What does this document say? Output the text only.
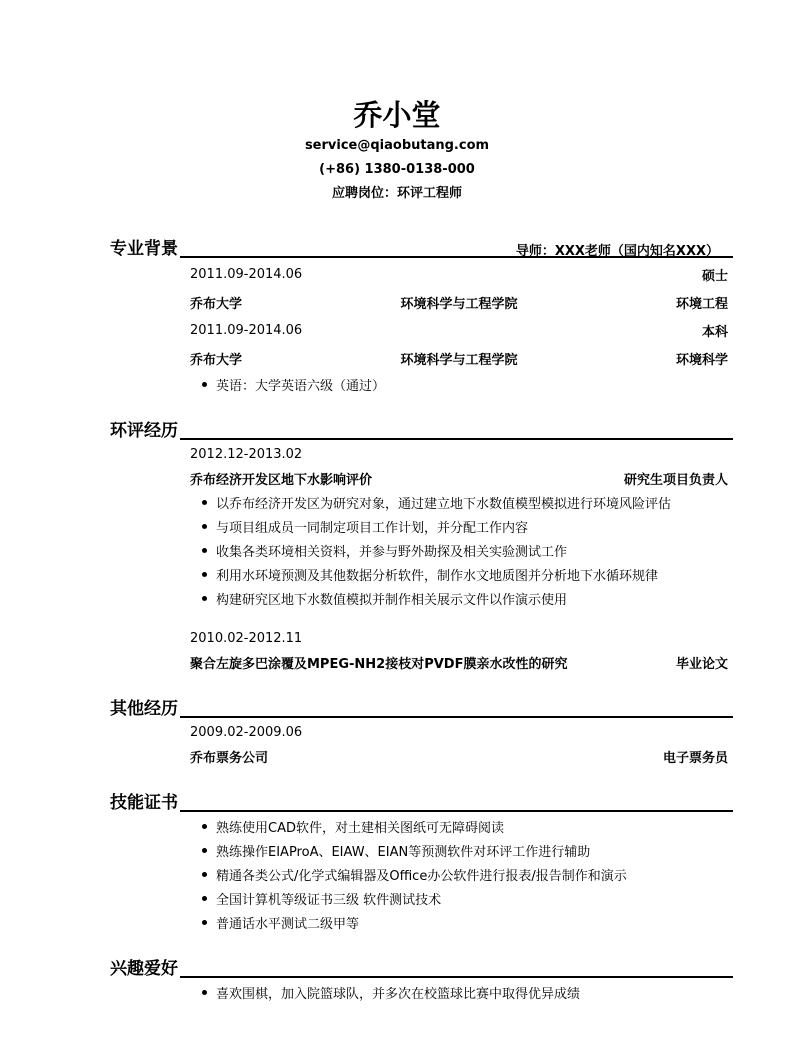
乔小堂
service@qiaobutang.com
(+86) 1380-0138-000
应聘岗位：环评工程师
专业背景	导师：XXX老师（国内知名XXX）
2011.09-2014.06	硕士
乔布大学	环境科学与工程学院	环境工程
2011.09-2014.06	本科
乔布大学	环境科学与工程学院	环境科学
英语：大学英语六级（通过）
环评经历
2012.12-2013.02
乔布经济开发区地下水影响评价	研究生项目负责人
以乔布经济开发区为研究对象，通过建立地下水数值模型模拟进行环境风险评估
与项目组成员一同制定项目工作计划，并分配工作内容
收集各类环境相关资料，并参与野外勘探及相关实验测试工作
利用水环境预测及其他数据分析软件，制作水文地质图并分析地下水循环规律
构建研究区地下水数值模拟并制作相关展示文件以作演示使用
2010.02-2012.11
聚合左旋多巴涂覆及MPEG-NH2接枝对PVDF膜亲水改性的研究	毕业论文
其他经历
2009.02-2009.06
乔布票务公司	电子票务员
技能证书
熟练使用CAD软件，对土建相关图纸可无障碍阅读
熟练操作EIAProA、EIAW、EIAN等预测软件对环评工作进行辅助
精通各类公式/化学式编辑器及Office办公软件进行报表/报告制作和演示
全国计算机等级证书三级 软件测试技术
普通话水平测试二级甲等
兴趣爱好
喜欢围棋，加入院篮球队，并多次在校篮球比赛中取得优异成绩
